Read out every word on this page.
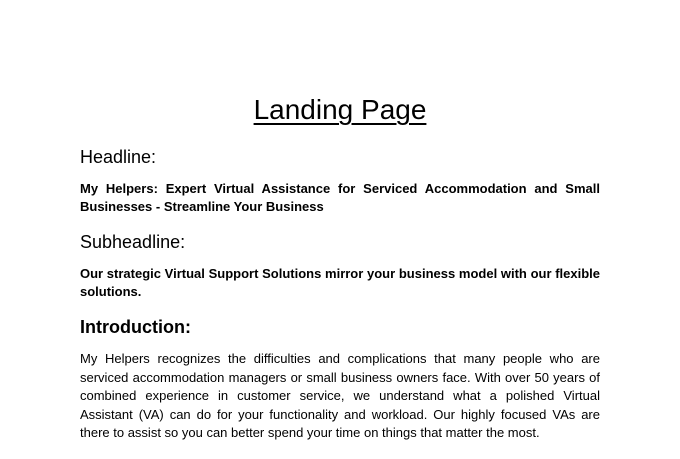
Landing Page
Headline:
My Helpers: Expert Virtual Assistance for Serviced Accommodation and Small Businesses - Streamline Your Business
Subheadline:
Our strategic Virtual Support Solutions mirror your business model with our flexible solutions.
Introduction:
My Helpers recognizes the difficulties and complications that many people who are serviced accommodation managers or small business owners face. With over 50 years of combined experience in customer service, we understand what a polished Virtual Assistant (VA) can do for your functionality and workload. Our highly focused VAs are there to assist so you can better spend your time on things that matter the most.
